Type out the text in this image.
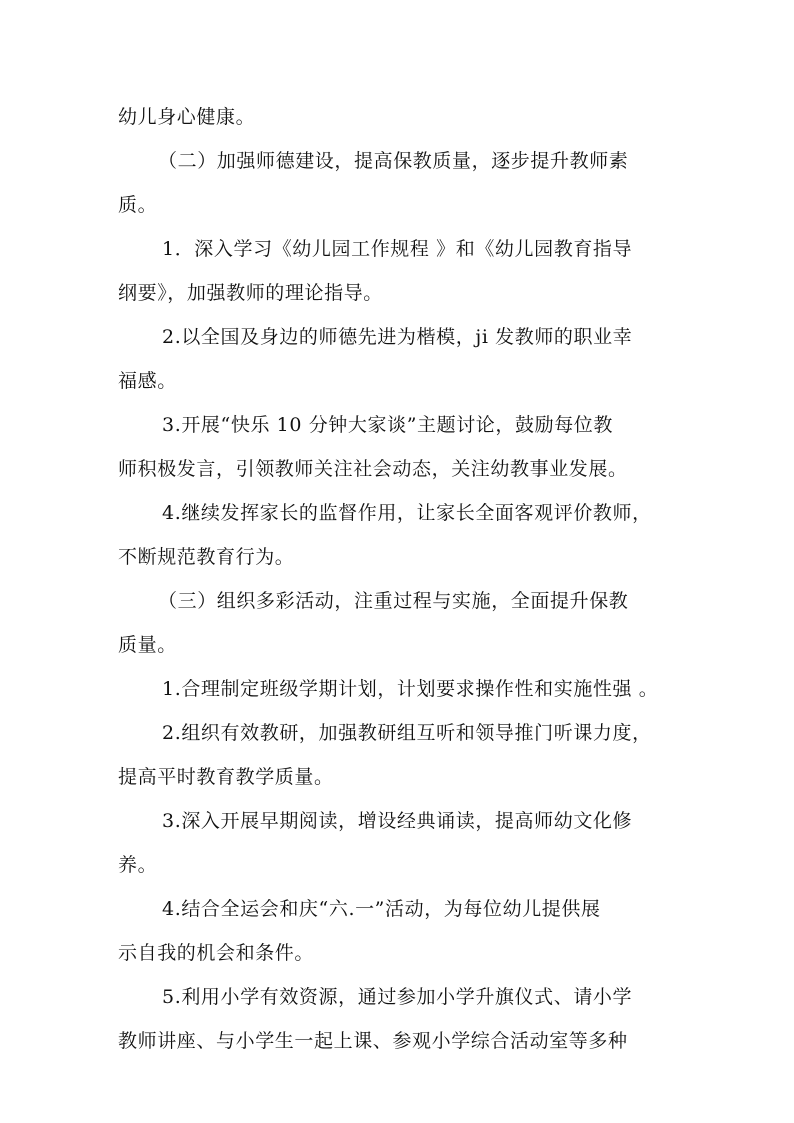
幼儿身心健康。
（二）加强师德建设，提高保教质量，逐步提升教师素
质。
1．深入学习《幼儿园工作规程 》和《幼儿园教育指导
纲要》，加强教师的理论指导。
2.以全国及身边的师德先进为楷模，ji 发教师的职业幸
福感。
3.开展“快乐 10 分钟大家谈”主题讨论，鼓励每位教
师积极发言，引领教师关注社会动态，关注幼教事业发展。
4.继续发挥家长的监督作用，让家长全面客观评价教师，
不断规范教育行为。
（三）组织多彩活动，注重过程与实施，全面提升保教
质量。
1.合理制定班级学期计划，计划要求操作性和实施性强 。
2.组织有效教研，加强教研组互听和领导推门听课力度，
提高平时教育教学质量。
3.深入开展早期阅读，增设经典诵读，提高师幼文化修
养。
4.结合全运会和庆“六.一”活动，为每位幼儿提供展
示自我的机会和条件。
5.利用小学有效资源，通过参加小学升旗仪式、请小学
教师讲座、与小学生一起上课、参观小学综合活动室等多种
